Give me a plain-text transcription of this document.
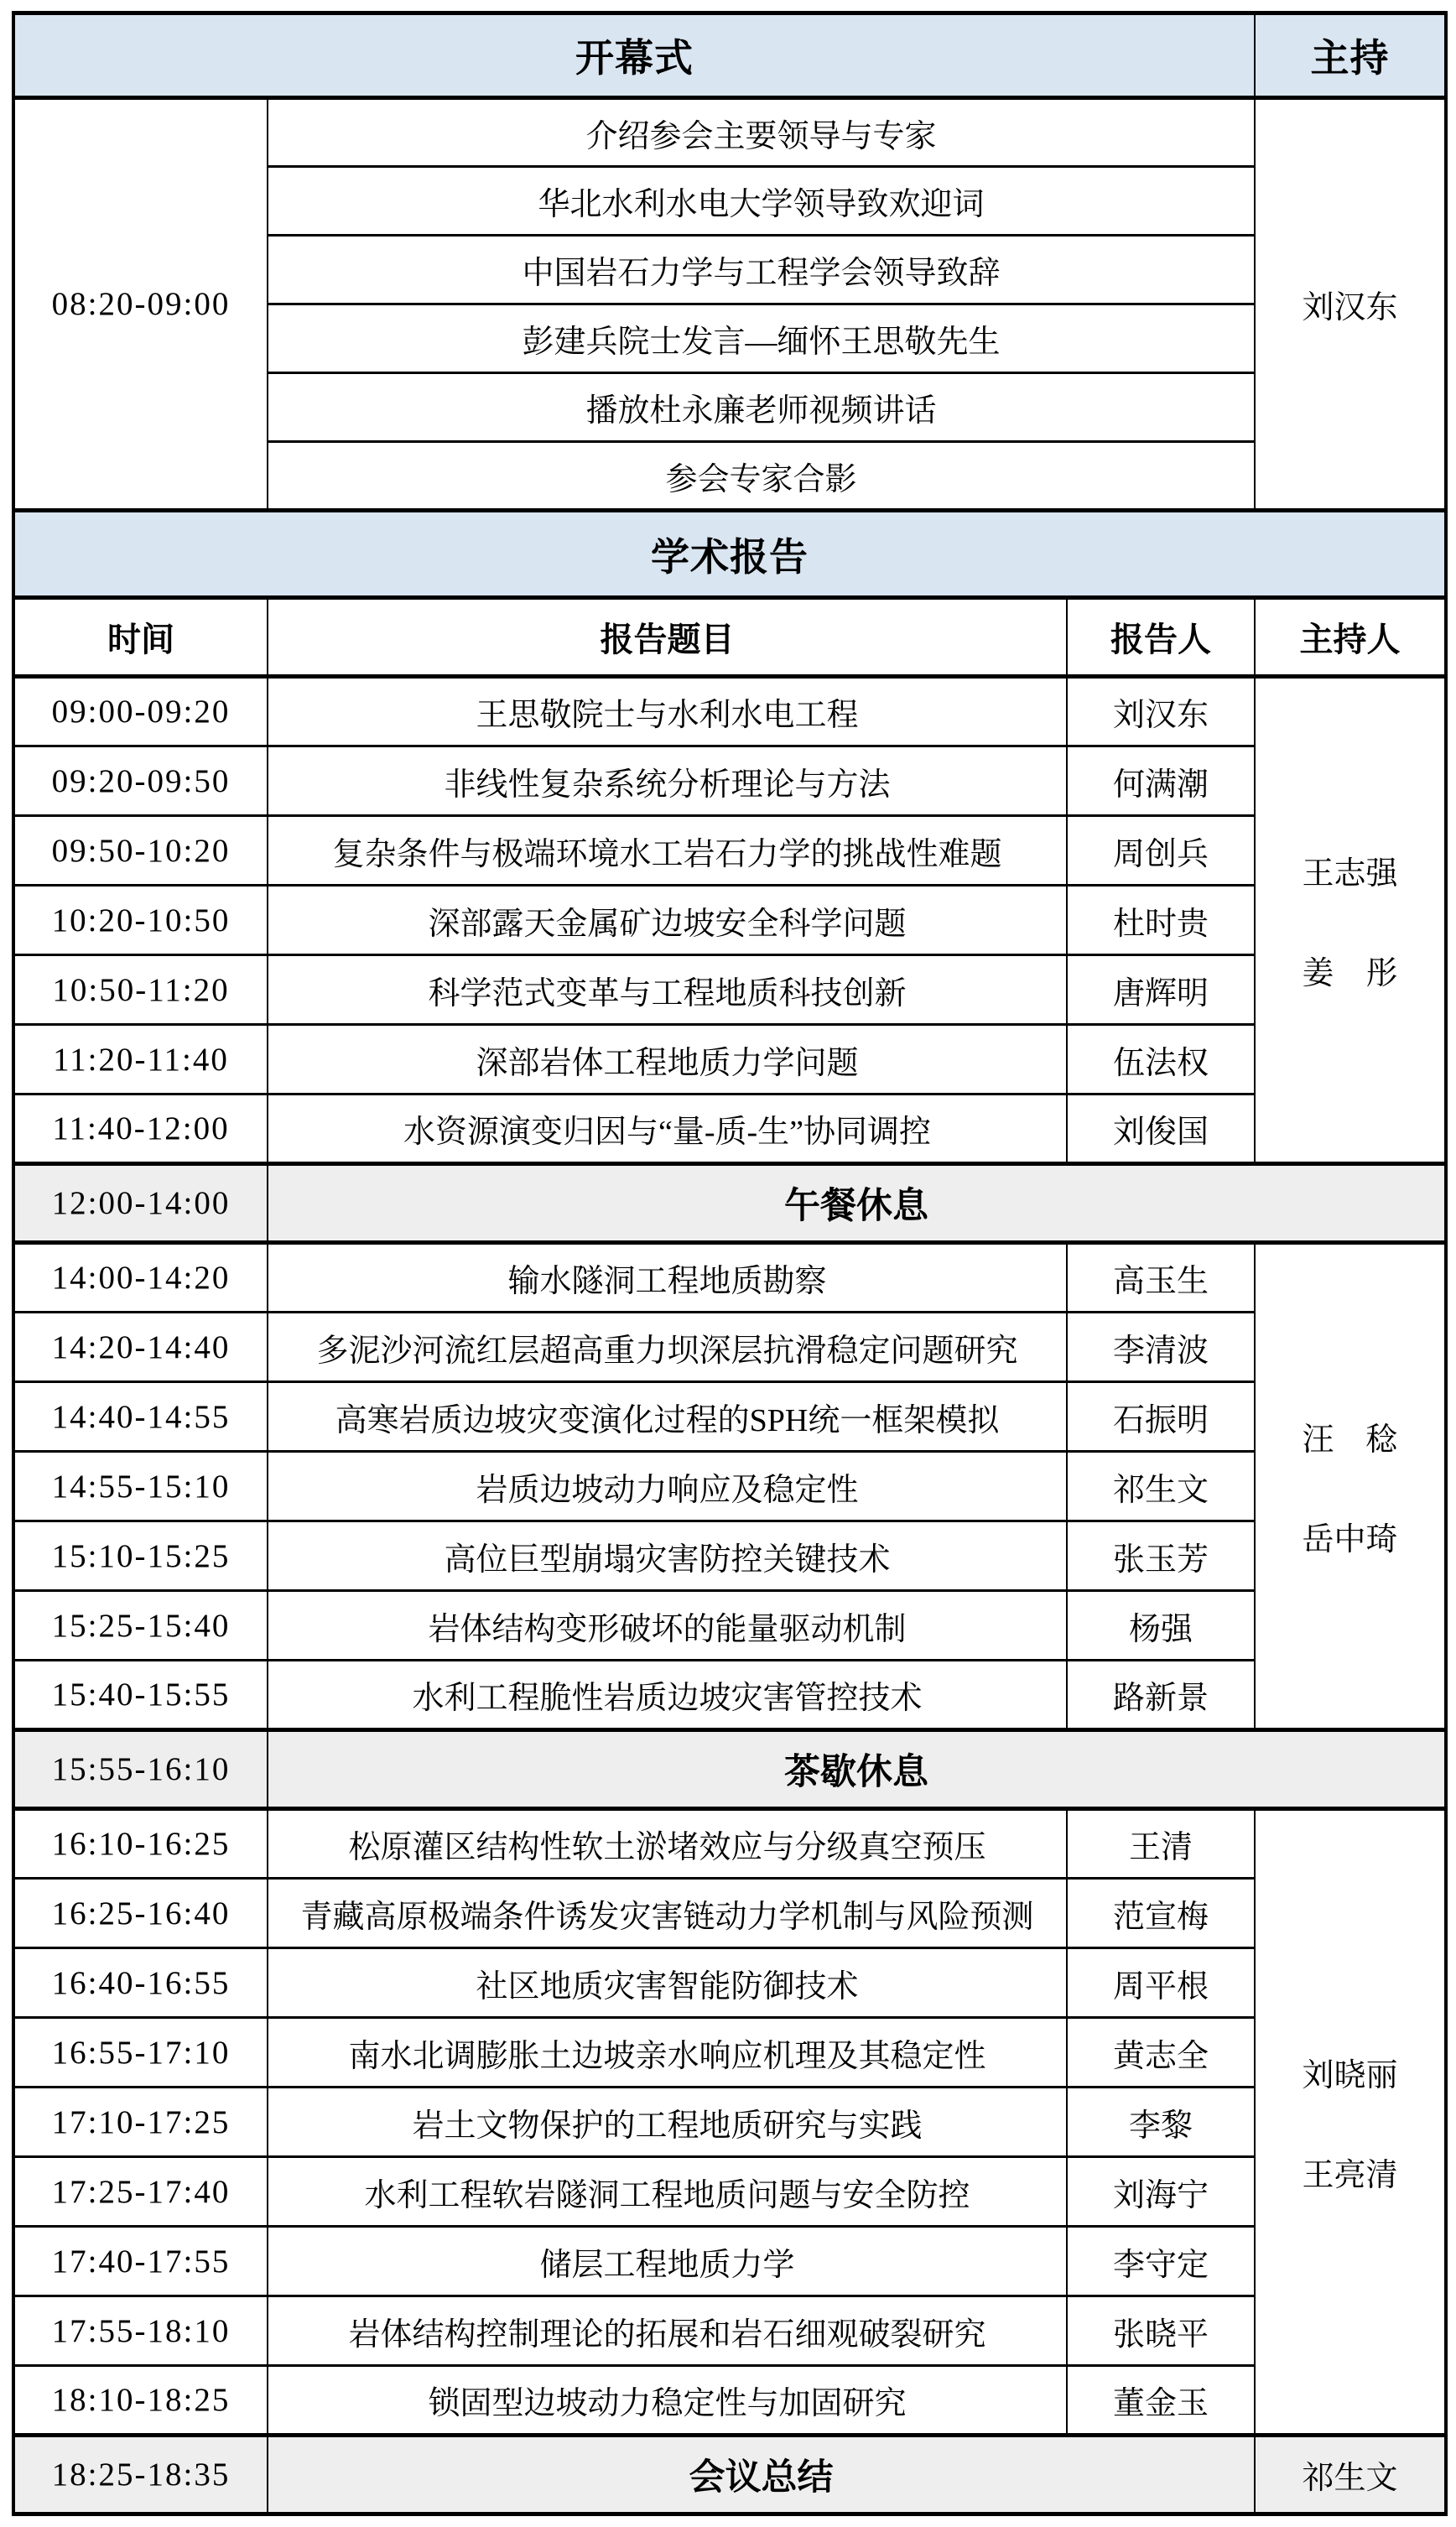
开幕式			主持
08:20-09:00	介绍参会主要领导与专家		刘汉东
	华北水利水电大学领导致欢迎词		
	中国岩石力学与工程学会领导致辞		
	彭建兵院士发言—缅怀王思敬先生		
	播放杜永廉老师视频讲话		
	参会专家合影		
学术报告			
时间	报告题目	报告人	主持人
09:00-09:20	王思敬院士与水利水电工程	刘汉东	王志强
姜　彤

09:20-09:50	非线性复杂系统分析理论与方法	何满潮	
09:50-10:20	复杂条件与极端环境水工岩石力学的挑战性难题	周创兵	
10:20-10:50	深部露天金属矿边坡安全科学问题	杜时贵	
10:50-11:20	科学范式变革与工程地质科技创新	唐辉明	
11:20-11:40	深部岩体工程地质力学问题	伍法权	
11:40-12:00	水资源演变归因与“量-质-生”协同调控	刘俊国	
12:00-14:00	午餐休息		
14:00-14:20	输水隧洞工程地质勘察	高玉生	汪　稔
岳中琦

14:20-14:40	多泥沙河流红层超高重力坝深层抗滑稳定问题研究	李清波	
14:40-14:55	高寒岩质边坡灾变演化过程的SPH统一框架模拟	石振明	
14:55-15:10	岩质边坡动力响应及稳定性	祁生文	
15:10-15:25	高位巨型崩塌灾害防控关键技术	张玉芳	
15:25-15:40	岩体结构变形破坏的能量驱动机制	杨强	
15:40-15:55	水利工程脆性岩质边坡灾害管控技术	路新景	
15:55-16:10	茶歇休息		
16:10-16:25	松原灌区结构性软土淤堵效应与分级真空预压	王清	刘晓丽
王亮清

16:25-16:40	青藏高原极端条件诱发灾害链动力学机制与风险预测	范宣梅	
16:40-16:55	社区地质灾害智能防御技术	周平根	
16:55-17:10	南水北调膨胀土边坡亲水响应机理及其稳定性	黄志全	
17:10-17:25	岩土文物保护的工程地质研究与实践	李黎	
17:25-17:40	水利工程软岩隧洞工程地质问题与安全防控	刘海宁	
17:40-17:55	储层工程地质力学	李守定	
17:55-18:10	岩体结构控制理论的拓展和岩石细观破裂研究	张晓平	
18:10-18:25	锁固型边坡动力稳定性与加固研究	董金玉	
18:25-18:35	会议总结		祁生文
